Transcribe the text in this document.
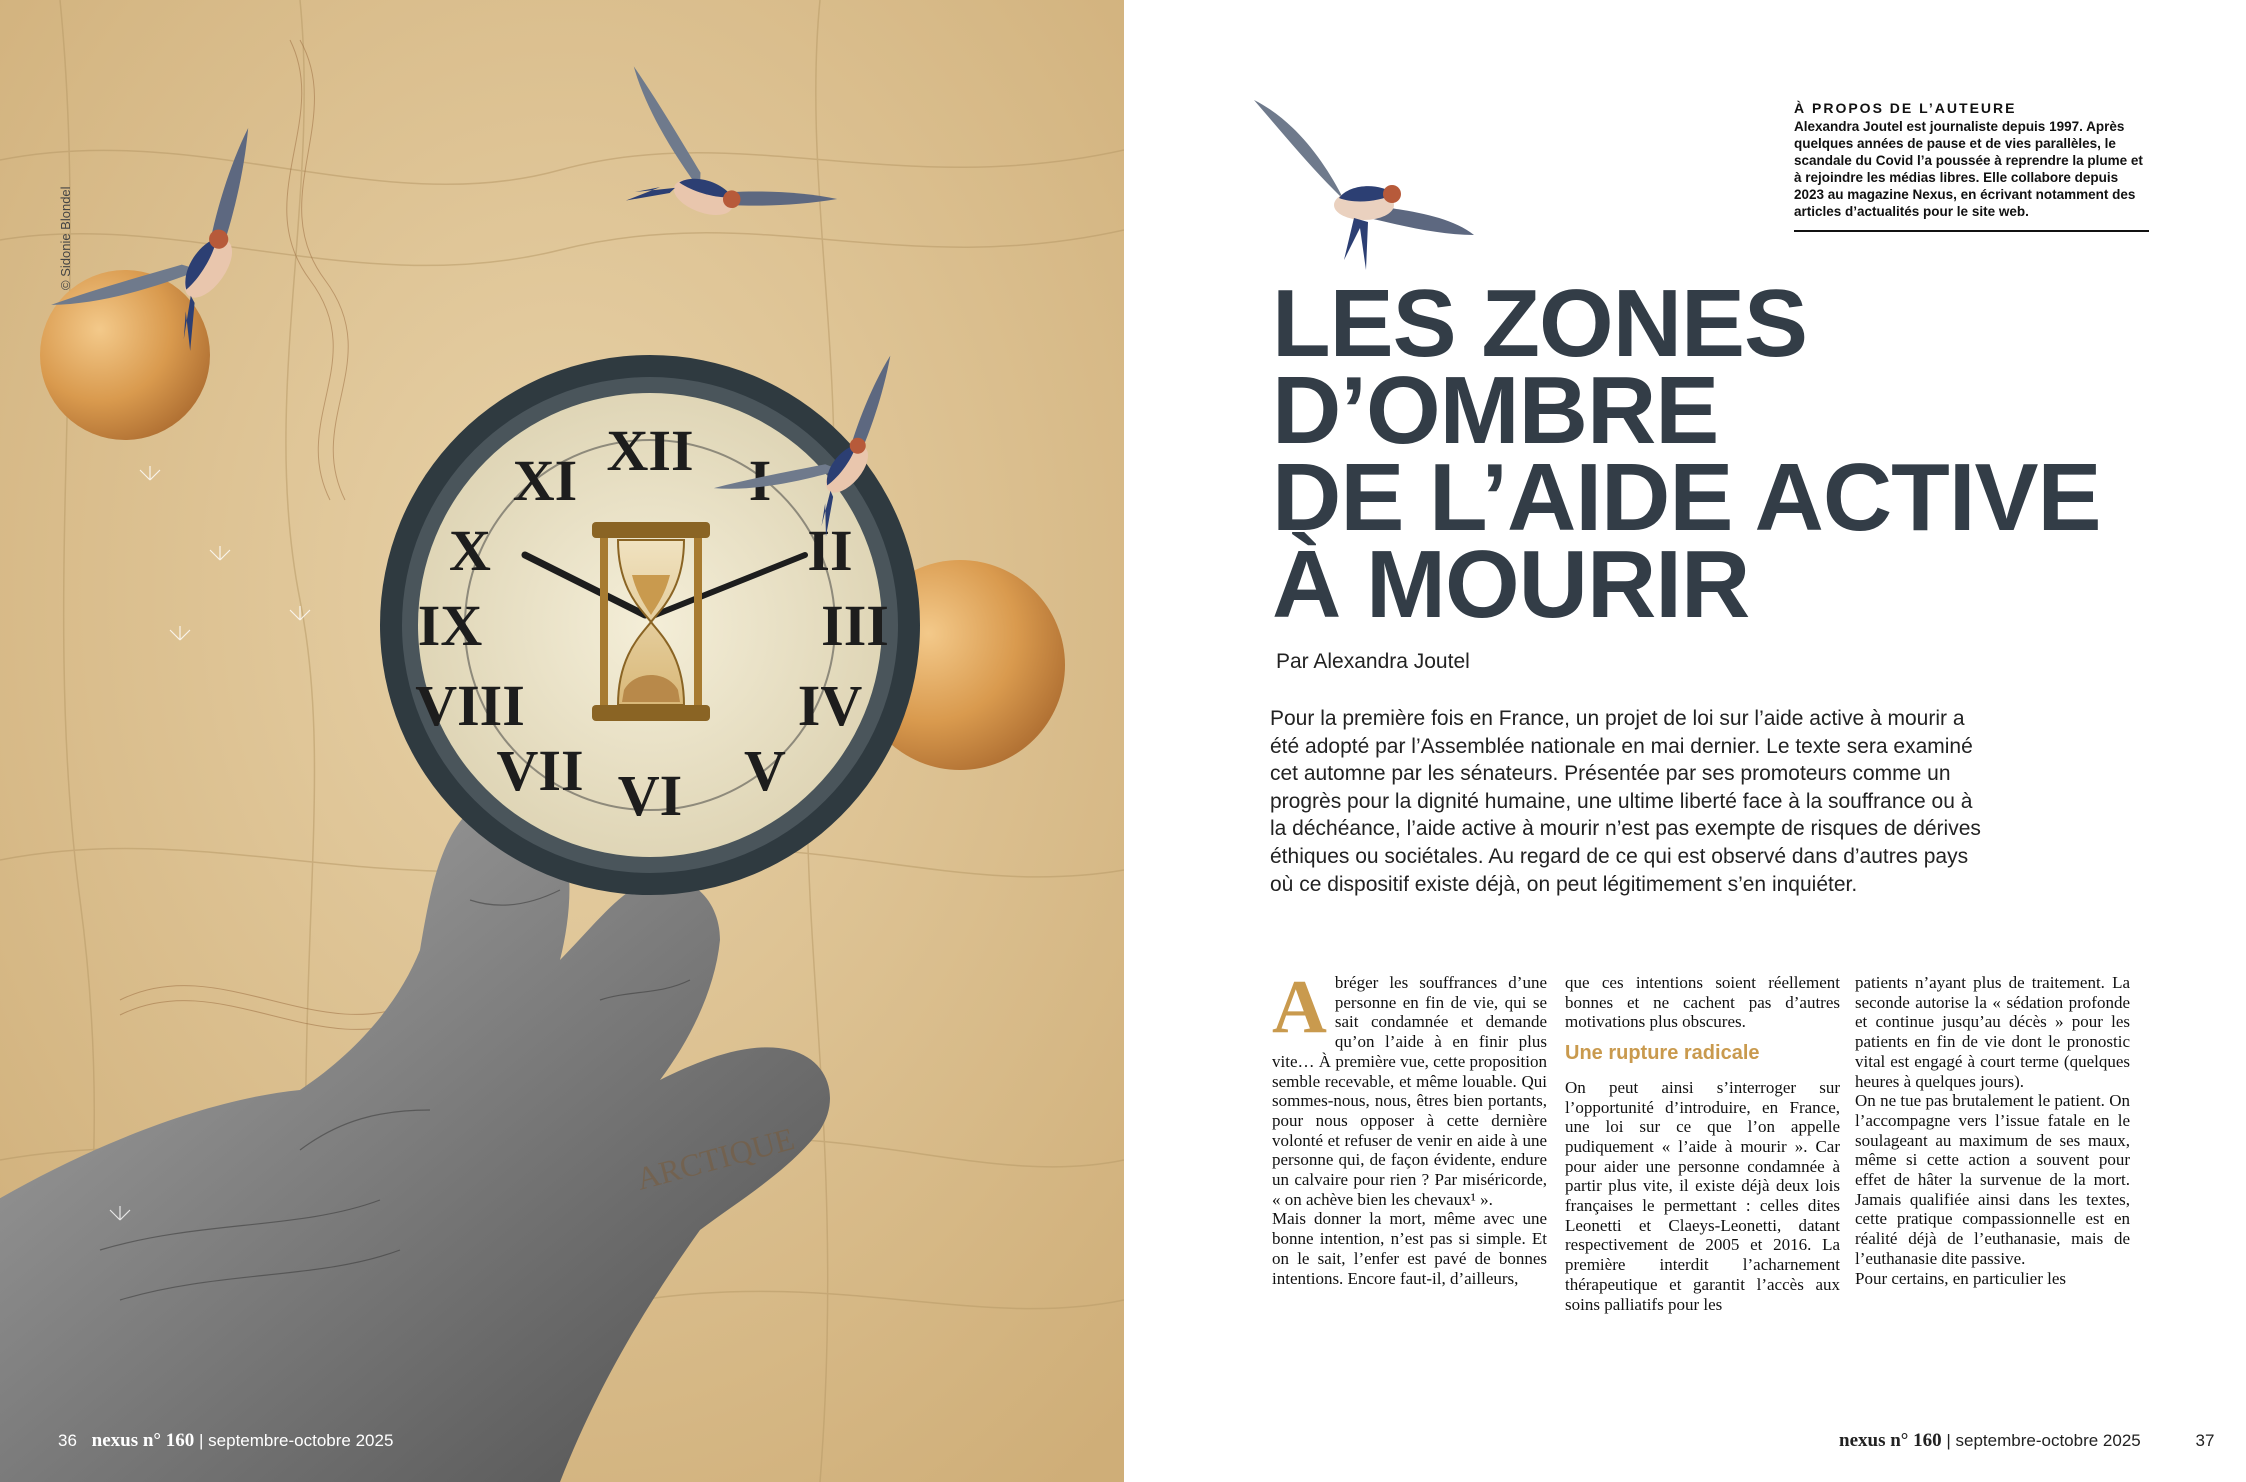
XII
II
III
IV
V
VI
VII
VIII
IX
X
XI
ARCTIQUE
© Sidonie Blondel
36 nexus n° 160 | septembre-octobre 2025
À PROPOS DE L’AUTEURE
Alexandra Joutel est journaliste depuis 1997. Après quelques années de pause et de vies parallèles, le scandale du Covid l’a poussée à reprendre la plume et à rejoindre les médias libres. Elle collabore depuis 2023 au magazine Nexus, en écrivant notamment des articles d’actualités pour le site web.
LES ZONES
D’OMBRE
DE L’AIDE ACTIVE
À MOURIR
Par Alexandra Joutel
Pour la première fois en France, un projet de loi sur l’aide active à mourir a été adopté par l’Assemblée nationale en mai dernier. Le texte sera examiné cet automne par les sénateurs. Présentée par ses promoteurs comme un progrès pour la dignité humaine, une ultime liberté face à la souffrance ou à la déchéance, l’aide active à mourir n’est pas exempte de risques de dérives éthiques ou sociétales. Au regard de ce qui est observé dans d’autres pays où ce dispositif existe déjà, on peut légitimement s’en inquiéter.
A bréger les souffrances d’une personne en fin de vie, qui se sait condamnée et demande qu’on l’aide à en finir plus vite… À première vue, cette proposition semble recevable, et même louable. Qui sommes-nous, nous, êtres bien portants, pour nous opposer à cette dernière volonté et refuser de venir en aide à une personne qui, de façon évidente, endure un calvaire pour rien ? Par miséricorde, « on achève bien les chevaux¹ ».

Mais donner la mort, même avec une bonne intention, n’est pas si simple. Et on le sait, l’enfer est pavé de bonnes intentions. Encore faut-il, d’ailleurs,

que ces intentions soient réellement bonnes et ne cachent pas d’autres motivations plus obscures.

Une rupture radicale

On peut ainsi s’interroger sur l’opportunité d’introduire, en France, une loi sur ce que l’on appelle pudiquement « l’aide à mourir ». Car pour aider une personne condamnée à partir plus vite, il existe déjà deux lois françaises le permettant : celles dites Leonetti et Claeys-Leonetti, datant respectivement de 2005 et 2016. La première interdit l’acharnement thérapeutique et garantit l’accès aux soins palliatifs pour les

patients n’ayant plus de traitement. La seconde autorise la « sédation profonde et continue jusqu’au décès » pour les patients en fin de vie dont le pronostic vital est engagé à court terme (quelques heures à quelques jours).

On ne tue pas brutalement le patient. On l’accompagne vers l’issue fatale en le soulageant au maximum de ses maux, même si cette action a souvent pour effet de hâter la survenue de la mort. Jamais qualifiée ainsi dans les textes, cette pratique compassionnelle est en réalité déjà de l’euthanasie, mais de l’euthanasie dite passive.

Pour certains, en particulier les

nexus n° 160 | septembre-octobre 2025	37
